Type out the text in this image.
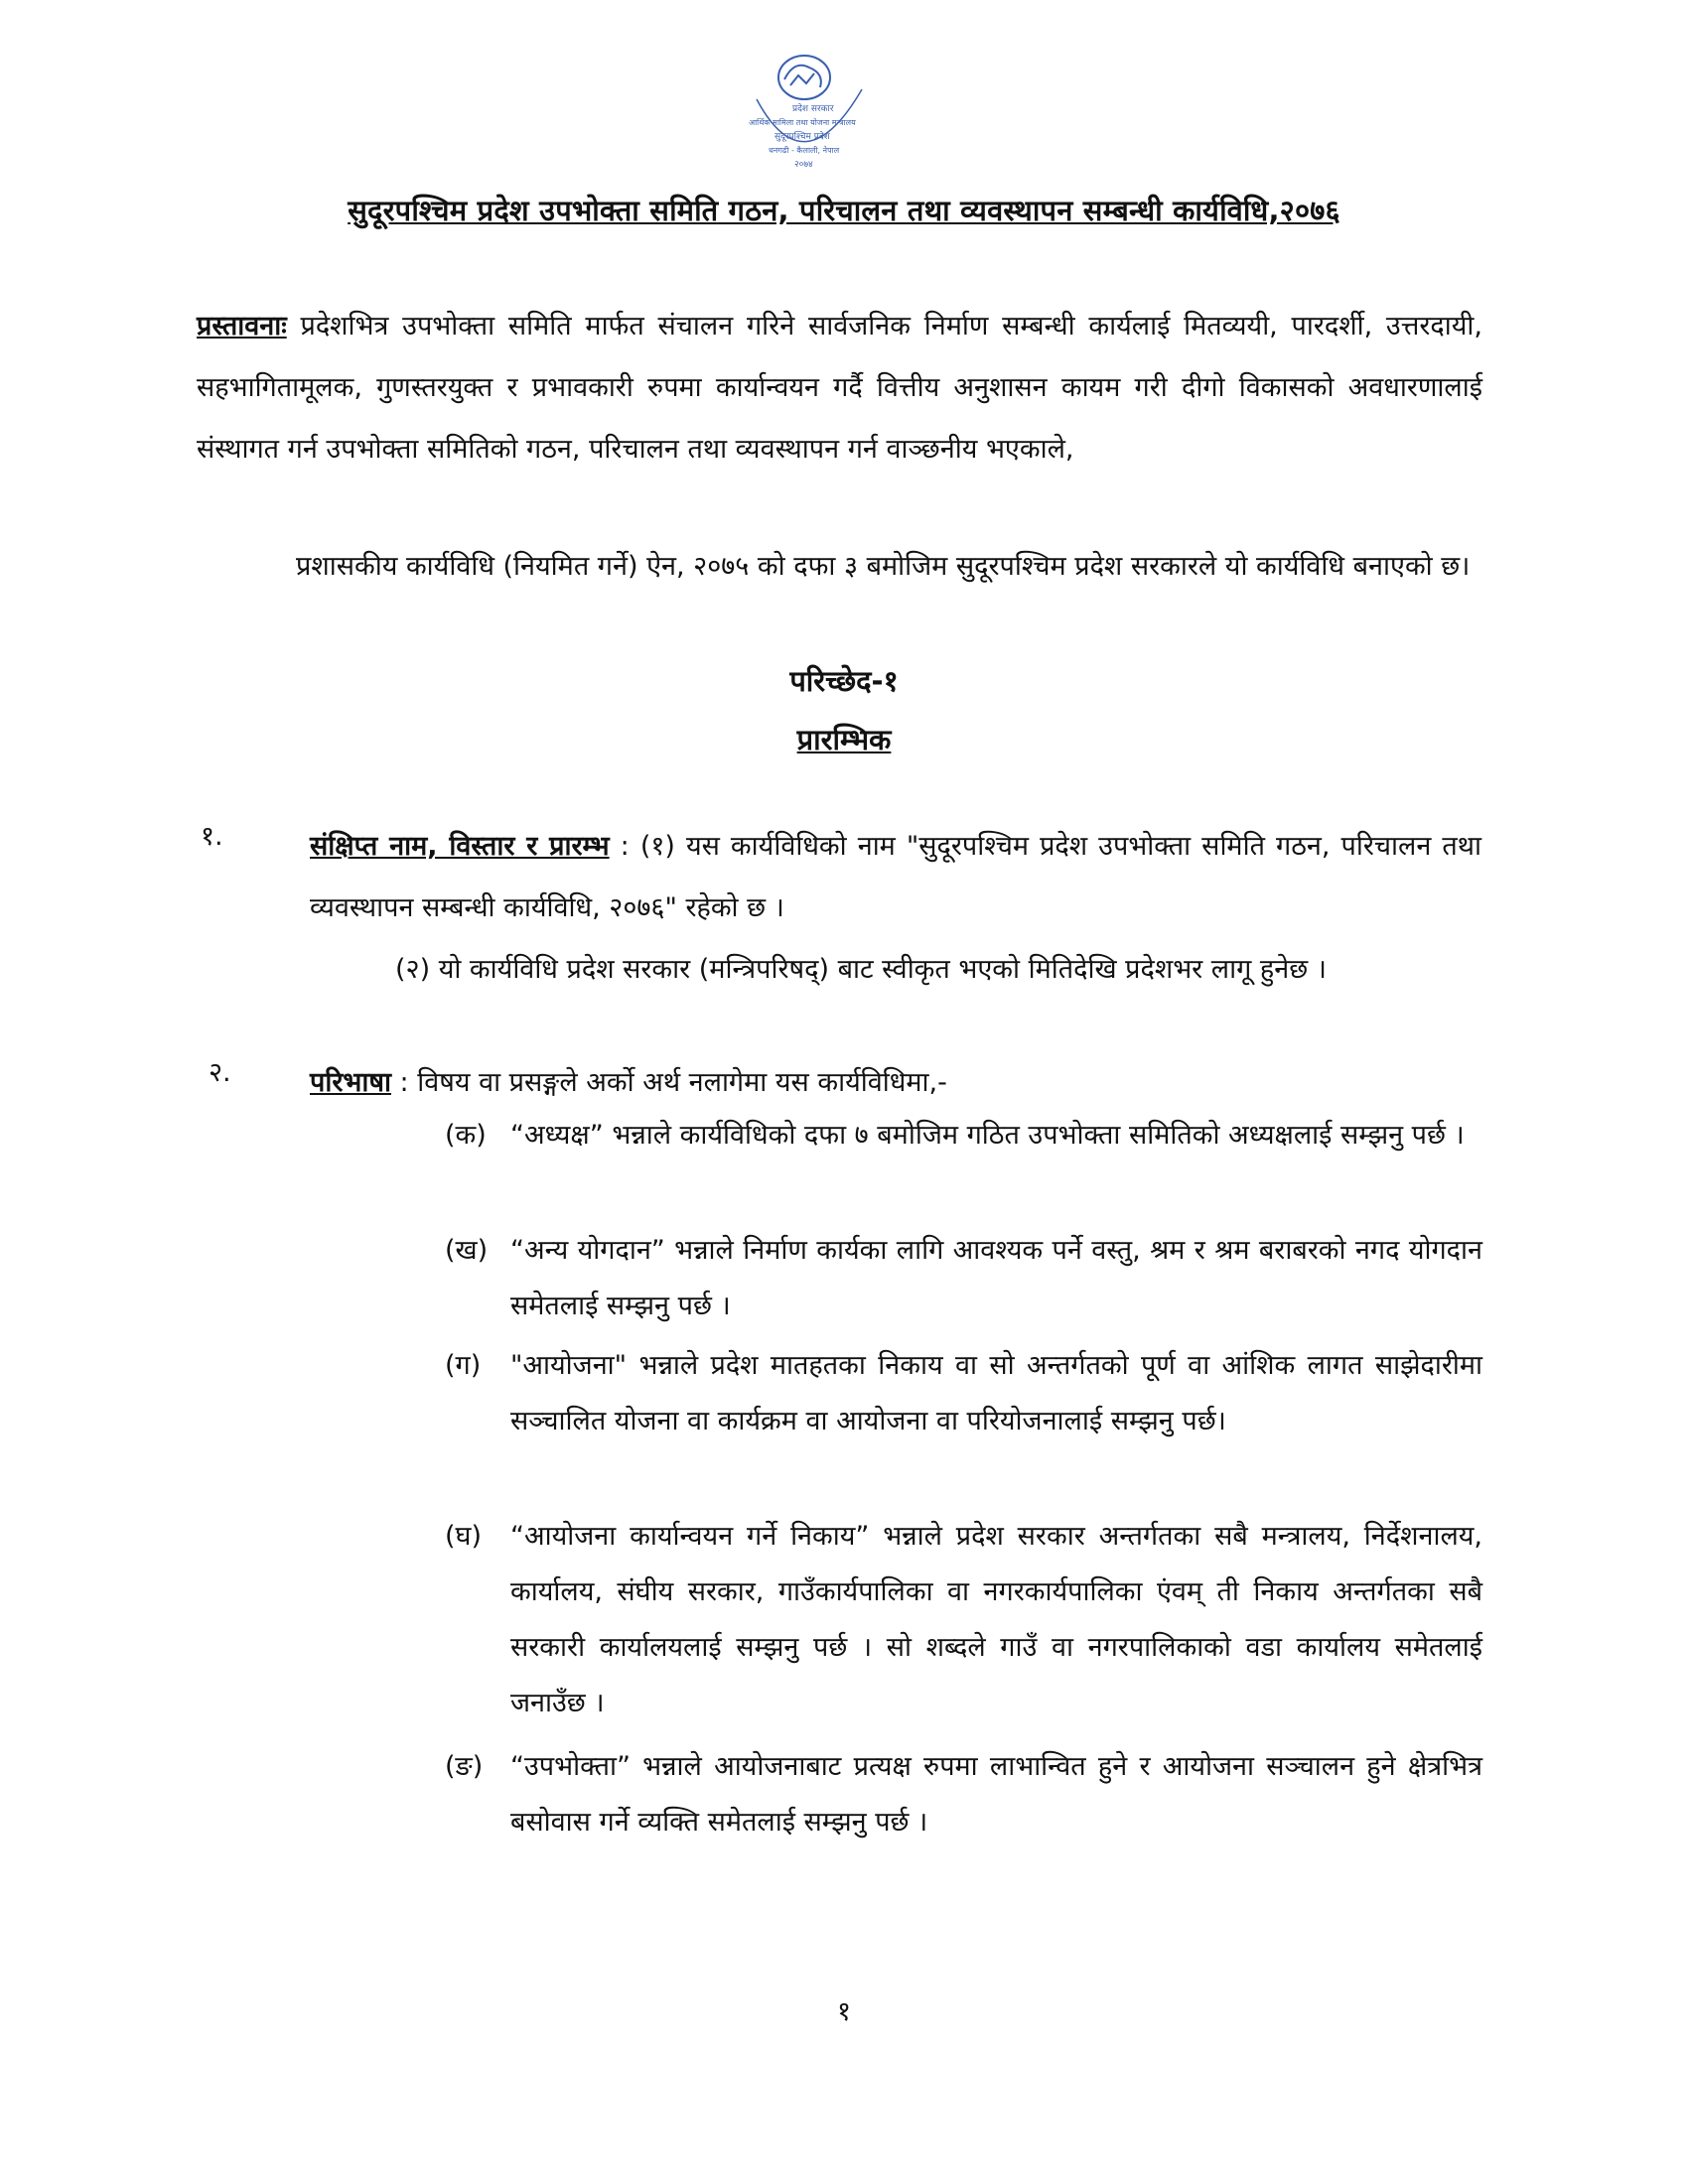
प्रदेश सरकार
आर्थिक मामिला तथा योजना मन्त्रालय
सुदूरपश्चिम प्रदेश
धनगढी - कैलाली, नेपाल
२०७४
सुदूरपश्चिम प्रदेश उपभोक्ता समिति गठन, परिचालन तथा व्यवस्थापन सम्बन्धी कार्यविधि,२०७६
प्रस्तावनाः प्रदेशभित्र उपभोक्ता समिति मार्फत संचालन गरिने सार्वजनिक निर्माण सम्बन्धी कार्यलाई मितव्ययी, पारदर्शी, उत्तरदायी, सहभागितामूलक, गुणस्तरयुक्त र प्रभावकारी रुपमा कार्यान्वयन गर्दै वित्तीय अनुशासन कायम गरी दीगो विकासको अवधारणालाई संस्थागत गर्न उपभोक्ता समितिको गठन, परिचालन तथा व्यवस्थापन गर्न वाञ्छनीय भएकाले,
प्रशासकीय कार्यविधि (नियमित गर्ने) ऐन, २०७५ को दफा ३ बमोजिम सुदूरपश्चिम प्रदेश सरकारले यो कार्यविधि बनाएको छ।
परिच्छेद-१
प्रारम्भिक
१.	संक्षिप्त नाम, विस्तार र प्रारम्भ : (१) यस कार्यविधिको नाम "सुदूरपश्चिम प्रदेश उपभोक्ता समिति गठन, परिचालन तथा व्यवस्थापन सम्बन्धी कार्यविधि, २०७६" रहेको छ ।
(२) यो कार्यविधि प्रदेश सरकार (मन्त्रिपरिषद्) बाट स्वीकृत भएको मितिदेखि प्रदेशभर लागू हुनेछ ।
२.	परिभाषा : विषय वा प्रसङ्गले अर्को अर्थ नलागेमा यस कार्यविधिमा,-
(क) “अध्यक्ष” भन्नाले कार्यविधिको दफा ७ बमोजिम गठित उपभोक्ता समितिको अध्यक्षलाई सम्झनु पर्छ ।
(ख) “अन्य योगदान” भन्नाले निर्माण कार्यका लागि आवश्यक पर्ने वस्तु, श्रम र श्रम बराबरको नगद योगदान समेतलाई सम्झनु पर्छ ।
(ग)	"आयोजना" भन्नाले प्रदेश मातहतका निकाय वा सो अन्तर्गतको पूर्ण वा आंशिक लागत साझेदारीमा सञ्चालित योजना वा कार्यक्रम वा आयोजना वा परियोजनालाई सम्झनु पर्छ।
(घ)	“आयोजना कार्यान्वयन गर्ने निकाय” भन्नाले प्रदेश सरकार अन्तर्गतका सबै मन्त्रालय, निर्देशनालय, कार्यालय, संघीय सरकार, गाउँकार्यपालिका वा नगरकार्यपालिका एंवम् ती निकाय अन्तर्गतका सबै सरकारी कार्यालयलाई सम्झनु पर्छ । सो शब्दले गाउँ वा नगरपालिकाको वडा कार्यालय समेतलाई जनाउँछ ।
(ङ)	“उपभोक्ता” भन्नाले आयोजनाबाट प्रत्यक्ष रुपमा लाभान्वित हुने र आयोजना सञ्चालन हुने क्षेत्रभित्र बसोवास गर्ने व्यक्ति समेतलाई सम्झनु पर्छ ।
१
